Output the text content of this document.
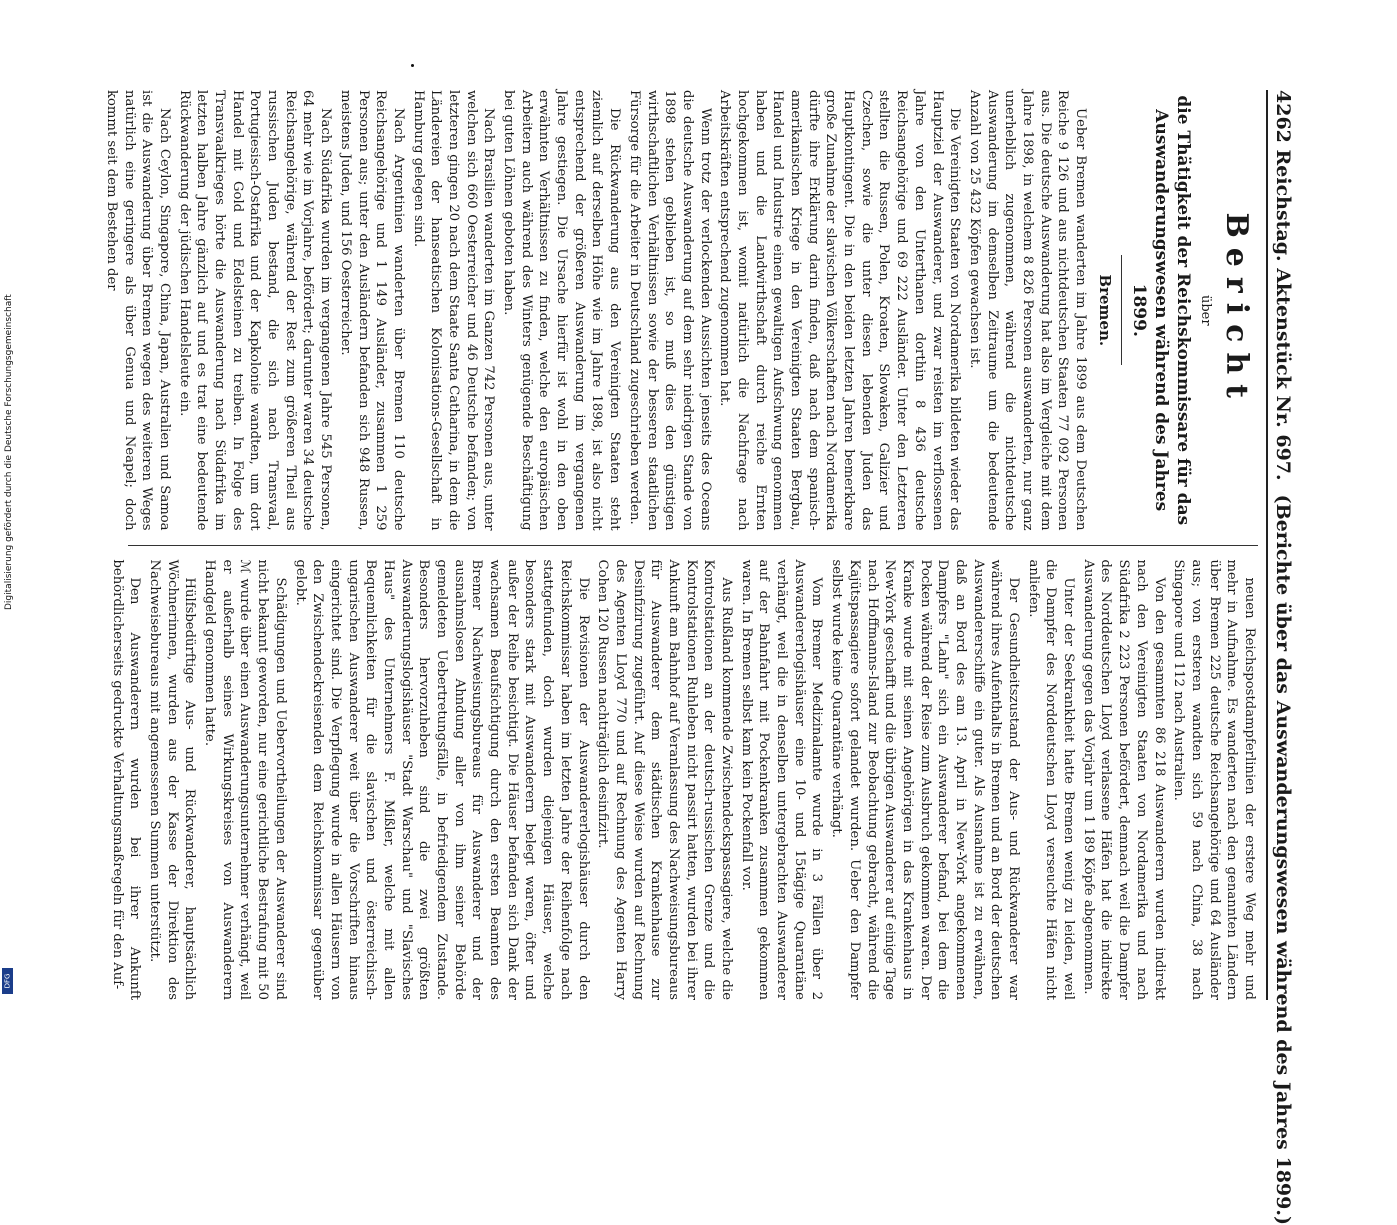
4262 Reichstag. Aktenstück Nr. 697.
(Berichte über das Auswanderungswesen während des Jahres 1899.)
Bericht
über
die Thätigkeit der Reichskommissare für das Auswanderungswesen während des Jahres 1899.
Bremen.

Ueber Bremen wanderten im Jahre 1899 aus dem Deutschen Reiche 9 126 und aus nichtdeutschen Staaten 77 092 Personen aus. Die deutsche Auswanderung hat also im Vergleiche mit dem Jahre 1898, in welchem 8 826 Personen auswanderten, nur ganz unerheblich zugenommen, während die nichtdeutsche Auswanderung im demselben Zeitraume um die bedeutende Anzahl von 25 432 Köpfen gewachsen ist.

Die Vereinigten Staaten von Nordamerika bildeten wieder das Hauptziel der Auswanderer, und zwar reisten im verflossenen Jahre von den Unterthanen dorthin 8 436 deutsche Reichsangehörige und 69 222 Ausländer. Unter den Letzteren stellten die Russen, Polen, Kroaten, Slowaken, Galizier und Czechen, sowie die unter diesen lebenden Juden das Hauptkontingent. Die in den beiden letzten Jahren bemerkbare große Zunahme der slavischen Völkerschaften nach Nordamerika dürfte ihre Erklärung darin finden, daß nach dem spanisch-amerikanischen Kriege in den Vereinigten Staaten Bergbau, Handel und Industrie einen gewaltigen Aufschwung genommen haben und die Landwirthschaft durch reiche Ernten hochgekommen ist, womit natürlich die Nachfrage nach Arbeitskräften entsprechend zugenommen hat.

Wenn trotz der verlockenden Aussichten jenseits des Oceans die deutsche Auswanderung auf dem sehr niedrigen Stande von 1898 stehen geblieben ist, so muß dies den günstigen wirthschaftlichen Verhältnissen sowie der besseren staatlichen Fürsorge für die Arbeiter in Deutschland zugeschrieben werden.

Die Rückwanderung aus den Vereinigten Staaten steht ziemlich auf derselben Höhe wie im Jahre 1898, ist also nicht entsprechend der größeren Auswanderung im vergangenen Jahre gestiegen. Die Ursache hierfür ist wohl in den oben erwähnten Verhältnissen zu finden, welche den europäischen Arbeitern auch während des Winters genügende Beschäftigung bei guten Löhnen geboten haben.

Nach Brasilien wanderten im Ganzen 742 Personen aus, unter welchen sich 660 Oesterreicher und 46 Deutsche befanden; von letzteren gingen 20 nach dem Staate Santa Catharina, in dem die Ländereien der hanseatischen Kolonisations-Gesellschaft in Hamburg gelegen sind.

Nach Argentinien wanderten über Bremen 110 deutsche Reichsangehörige und 1 149 Ausländer, zusammen 1 259 Personen aus; unter den Ausländern befanden sich 948 Russen, meistens Juden, und 156 Oesterreicher.

Nach Südafrika wurden im vergangenen Jahre 545 Personen, 64 mehr wie im Vorjahre, befördert; darunter waren 34 deutsche Reichsangehörige, während der Rest zum größeren Theil aus russischen Juden bestand, die sich nach Transvaal, Portugiesisch-Ostafrika und der Kapkolonie wandten, um dort Handel mit Gold und Edelsteinen zu treiben. In Folge des Transvaalkrieges hörte die Auswanderung nach Südafrika im letzten halben Jahre gänzlich auf und es trat eine bedeutende Rückwanderung der jüdischen Handelsleute ein.

Nach Ceylon, Singapore, China, Japan, Australien und Samoa ist die Auswanderung über Bremen wegen des weiteren Weges natürlich eine geringere als über Genua und Neapel; doch kommt seit dem Bestehen der

neuen Reichspostdampferlinien der erstere Weg mehr und mehr in Aufnahme. Es wanderten nach den genannten Ländern über Bremen 225 deutsche Reichsangehörige und 64 Ausländer aus; von ersteren wandten sich 59 nach China, 38 nach Singapore und 112 nach Australien.

Von den gesammten 86 218 Auswanderern wurden indirekt nach den Vereinigten Staaten von Nordamerika und nach Südafrika 2 223 Personen befördert, demnach weil die Dampfer des Norddeutschen Lloyd verlassene Häfen hat die indirekte Auswanderung gegen das Vorjahr um 1 189 Köpfe abgenommen.

Unter der Seekrankheit hatte Bremen wenig zu leiden, weil die Dampfer des Norddeutschen Lloyd verseuchte Häfen nicht anliefen.

Der Gesundheitszustand der Aus- und Rückwanderer war während ihres Aufenthalts in Bremen und an Bord der deutschen Auswandererschiffe ein guter. Als Ausnahme ist zu erwähnen, daß an Bord des am 13. April in New-York angekommenen Dampfers "Lahn" sich ein Auswanderer befand, bei dem die Pocken während der Reise zum Ausbruch gekommen waren. Der Kranke wurde mit seinen Angehörigen in das Krankenhaus in New-York geschafft und die übrigen Auswanderer auf einige Tage nach Hoffmanns-Island zur Beobachtung gebracht, während die Kajütspassagiere sofort gelandet wurden. Ueber den Dampfer selbst wurde keine Quarantäne verhängt.

Vom Bremer Medizinalamte wurde in 3 Fällen über 2 Auswandererlogishäuser eine 10- und 15tägige Quarantäne verhängt, weil die in denselben untergebrachten Auswanderer auf der Bahnfahrt mit Pockenkranken zusammen gekommen waren. In Bremen selbst kam kein Pockenfall vor.

Aus Rußland kommende Zwischendeckspassagiere, welche die Kontrolstationen an der deutsch-russischen Grenze und die Kontrolstationen Ruhleben nicht passirt hatten, wurden bei ihrer Ankunft am Bahnhof auf Veranlassung des Nachweisungsbureaus für Auswanderer dem städtischen Krankenhause zur Desinfizirung zugeführt. Auf diese Weise wurden auf Rechnung des Agenten Lloyd 770 und auf Rechnung des Agenten Harry Cohen 120 Russen nachträglich desinfizirt.

Die Revisionen der Auswandererlogishäuser durch den Reichskommissar haben im letzten Jahre der Reihenfolge nach stattgefunden, doch wurden diejenigen Häuser, welche besonders stark mit Auswanderern belegt waren, öfter und außer der Reihe besichtigt. Die Häuser befanden sich Dank der wachsamen Beaufsichtigung durch den ersten Beamten des Bremer Nachweisungsbureaus für Auswanderer und der ausnahmslosen Ahndung aller von ihm seiner Behörde gemeldeten Uebertretungsfälle, in befriedigendem Zustande. Besonders hervorzuheben sind die zwei größten Auswanderungslogishäuser "Stadt Warschau" und "Slavisches Haus" des Unternehmers F. Mißler, welche mit allen Bequemlichkeiten für die slavischen und österreichisch-ungarischen Auswanderer weit über die Vorschriften hinaus eingerichtet sind. Die Verpflegung wurde in allen Häusern von den Zwischendeckreisenden dem Reichskommissar gegenüber gelobt.

Schädigungen und Uebervortheilungen der Auswanderer sind nicht bekannt geworden, nur eine gerichtliche Bestrafung mit 50 ℳ wurde über einen Auswanderungsunternehmer verhängt, weil er außerhalb seines Wirkungskreises von Auswanderern Handgeld genommen hatte.

Hülfsbedürftige Aus- und Rückwanderer, hauptsächlich Wöchnerinnen, wurden aus der Kasse der Direktion des Nachweisebureaus mit angemessenen Summen unterstützt.

Den Auswanderern wurden bei ihrer Ankunft behördlicherseits gedruckte Verhaltungsmaßregeln für den Auf-

Digitalisierung gefördert durch die Deutsche Forschungsgemeinschaft
DFG
